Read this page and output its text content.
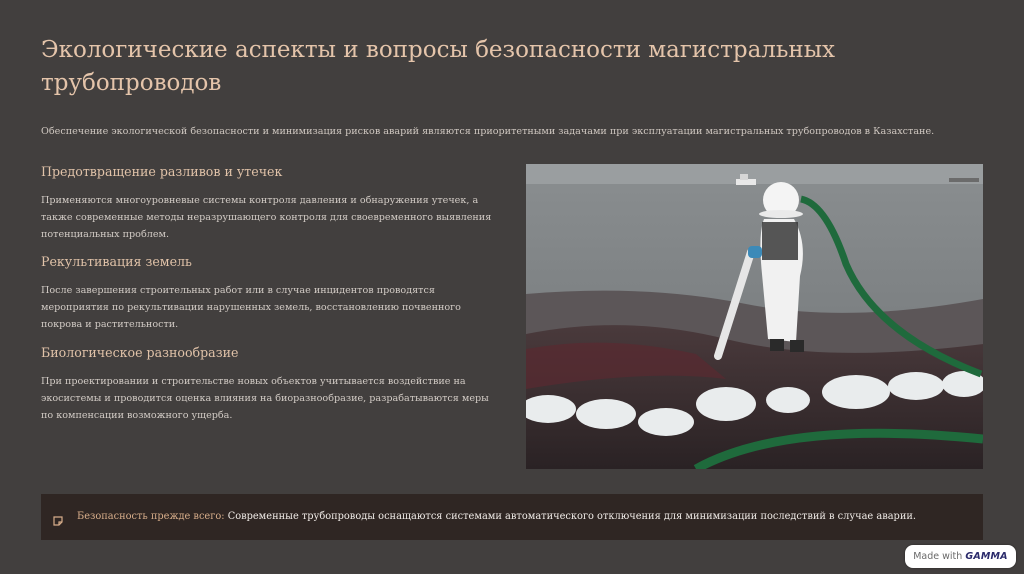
Экологические аспекты и вопросы безопасности магистральных трубопроводов
Обеспечение экологической безопасности и минимизация рисков аварий являются приоритетными задачами при эксплуатации магистральных трубопроводов в Казахстане.
Предотвращение разливов и утечек
Применяются многоуровневые системы контроля давления и обнаружения утечек, а также современные методы неразрушающего контроля для своевременного выявления потенциальных проблем.
Рекультивация земель
После завершения строительных работ или в случае инцидентов проводятся мероприятия по рекультивации нарушенных земель, восстановлению почвенного покрова и растительности.
Биологическое разнообразие
При проектировании и строительстве новых объектов учитывается воздействие на экосистемы и проводится оценка влияния на биоразнообразие, разрабатываются меры по компенсации возможного ущерба.
Безопасность прежде всего: Современные трубопроводы оснащаются системами автоматического отключения для минимизации последствий в случае аварии.
Made with GAMMA
